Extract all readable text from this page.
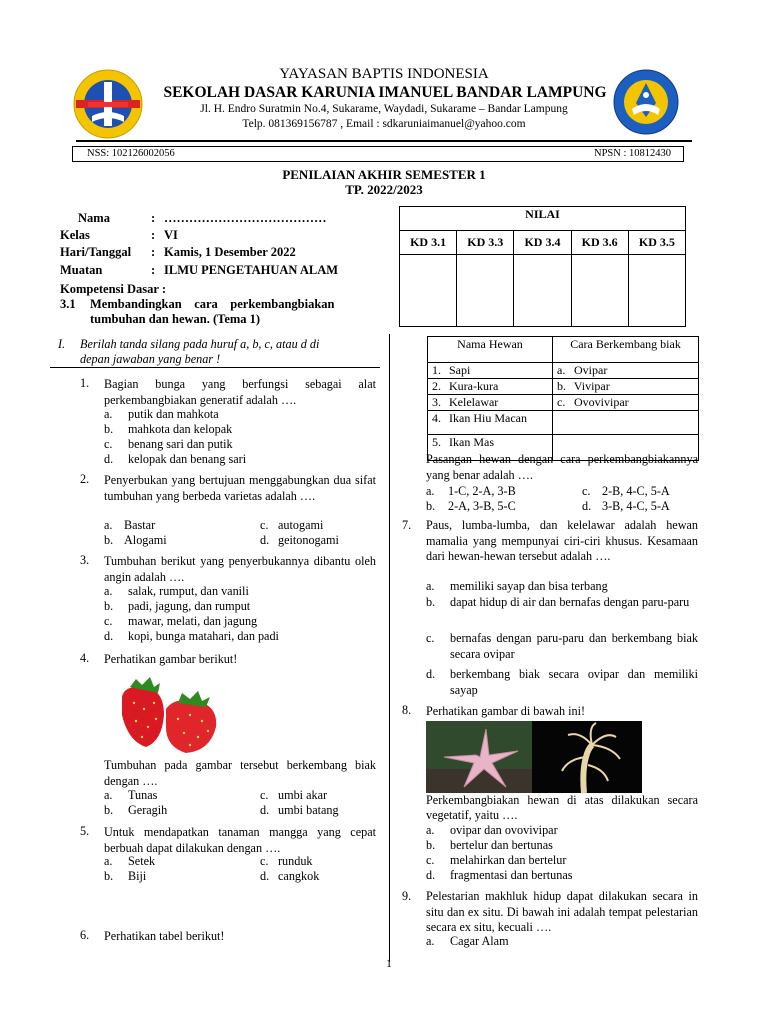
YAYASAN BAPTIS INDONESIA
SEKOLAH DASAR KARUNIA IMANUEL BANDAR LAMPUNG
Jl. H. Endro Suratmin No.4, Sukarame, Waydadi, Sukarame – Bandar Lampung
Telp. 081369156787 , Email : sdkaruniaimanuel@yahoo.com
NSS: 102126002056	NPSN : 10812430
PENILAIAN AKHIR SEMESTER 1
TP. 2022/2023
Nama	: …………………………………
Kelas	: VI
Hari/Tanggal	: Kamis, 1 Desember 2022
Muatan	: ILMU PENGETAHUAN ALAM
Kompetensi Dasar :
3.1 Membandingkan    cara    perkembangbiakan
tumbuhan dan hewan. (Tema 1)
NILAI				
KD 3.1	KD 3.3	KD 3.4	KD 3.6	KD 3.5

I. Berilah tanda silang pada huruf a, b, c, atau d di
depan jawaban yang benar !
1. Bagian bunga yang berfungsi sebagai alat perkembangbiakan generatif adalah ….
a. putik dan mahkota
b. mahkota dan kelopak
c. benang sari dan putik
d. kelopak dan benang sari
2. Penyerbukan yang bertujuan menggabungkan dua sifat tumbuhan yang berbeda varietas adalah ….
a. Bastar	c. autogami
b. Alogami	d. geitonogami
3. Tumbuhan berikut yang penyerbukannya dibantu oleh angin adalah ….
a. salak, rumput, dan vanili
b. padi, jagung, dan rumput
c. mawar, melati, dan jagung
d. kopi, bunga matahari, dan padi
4. Perhatikan gambar berikut!
Tumbuhan pada gambar tersebut berkembang biak dengan ….
a. Tunas	c. umbi akar
b. Geragih	d. umbi batang
5. Untuk mendapatkan tanaman mangga yang cepat berbuah dapat dilakukan dengan ….
a. Setek	c. runduk
b. Biji	d. cangkok
6. Perhatikan tabel berikut!
Nama Hewan	Cara Berkembang biak
1. Sapi	a. Ovipar
2. Kura-kura	b. Vivipar
3. Kelelawar	c. Ovovivipar
4. Ikan Hiu Macan	
5. Ikan Mas	
Pasangan hewan dengan cara perkembangbiakannya yang benar adalah ….
a. 1-C, 2-A, 3-B	c. 2-B, 4-C, 5-A
b. 2-A, 3-B, 5-C	d. 3-B, 4-C, 5-A
7. Paus, lumba-lumba, dan kelelawar adalah hewan mamalia yang mempunyai ciri-ciri khusus. Kesamaan dari hewan-hewan tersebut adalah ….
a. memiliki sayap dan bisa terbang
b. dapat hidup di air dan bernafas dengan paru-paru
c. bernafas dengan paru-paru dan berkembang biak secara ovipar
d. berkembang biak secara ovipar dan memiliki sayap
8. Perhatikan gambar di bawah ini!
Perkembangbiakan hewan di atas dilakukan secara vegetatif, yaitu ….
a. ovipar dan ovovivipar
b. bertelur dan bertunas
c. melahirkan dan bertelur
d. fragmentasi dan bertunas
9. Pelestarian makhluk hidup dapat dilakukan secara in situ dan ex situ. Di bawah ini adalah tempat pelestarian secara ex situ, kecuali ….
a. Cagar Alam
1
